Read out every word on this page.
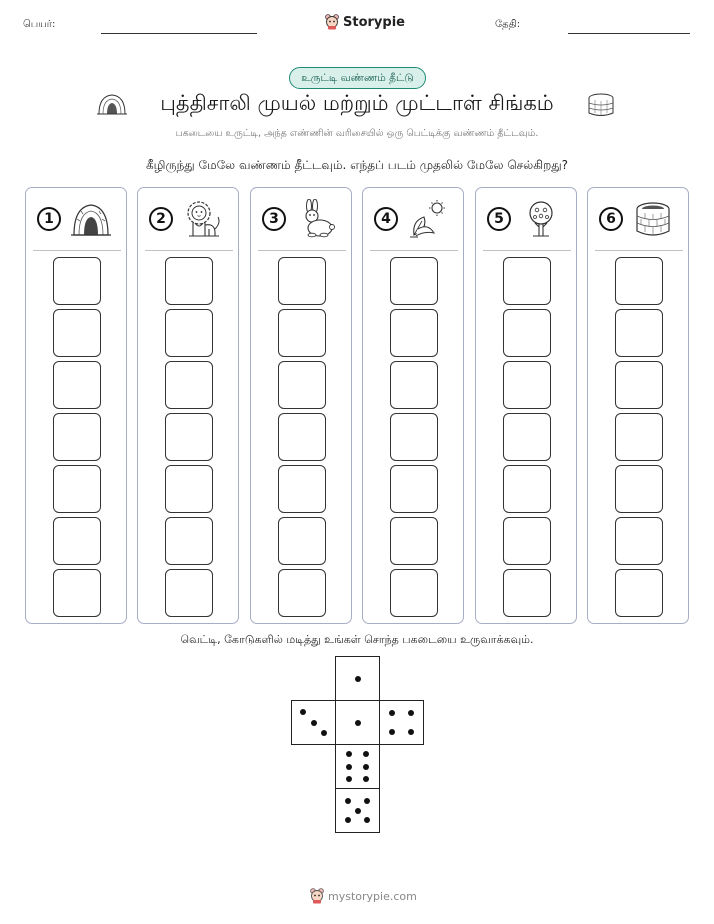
பெயர்:	Storypie	தேதி:
உருட்டி வண்ணம் தீட்டு
புத்திசாலி முயல் மற்றும் முட்டாள் சிங்கம்
பகடையை உருட்டி, அந்த எண்ணின் வரிசையில் ஒரு பெட்டிக்கு வண்ணம் தீட்டவும்.
கீழிருந்து மேலே வண்ணம் தீட்டவும். எந்தப் படம் முதலில் மேலே செல்கிறது?
1	2	3	4	5	6
வெட்டி, கோடுகளில் மடித்து உங்கள் சொந்த பகடையை உருவாக்கவும்.
mystorypie.com
